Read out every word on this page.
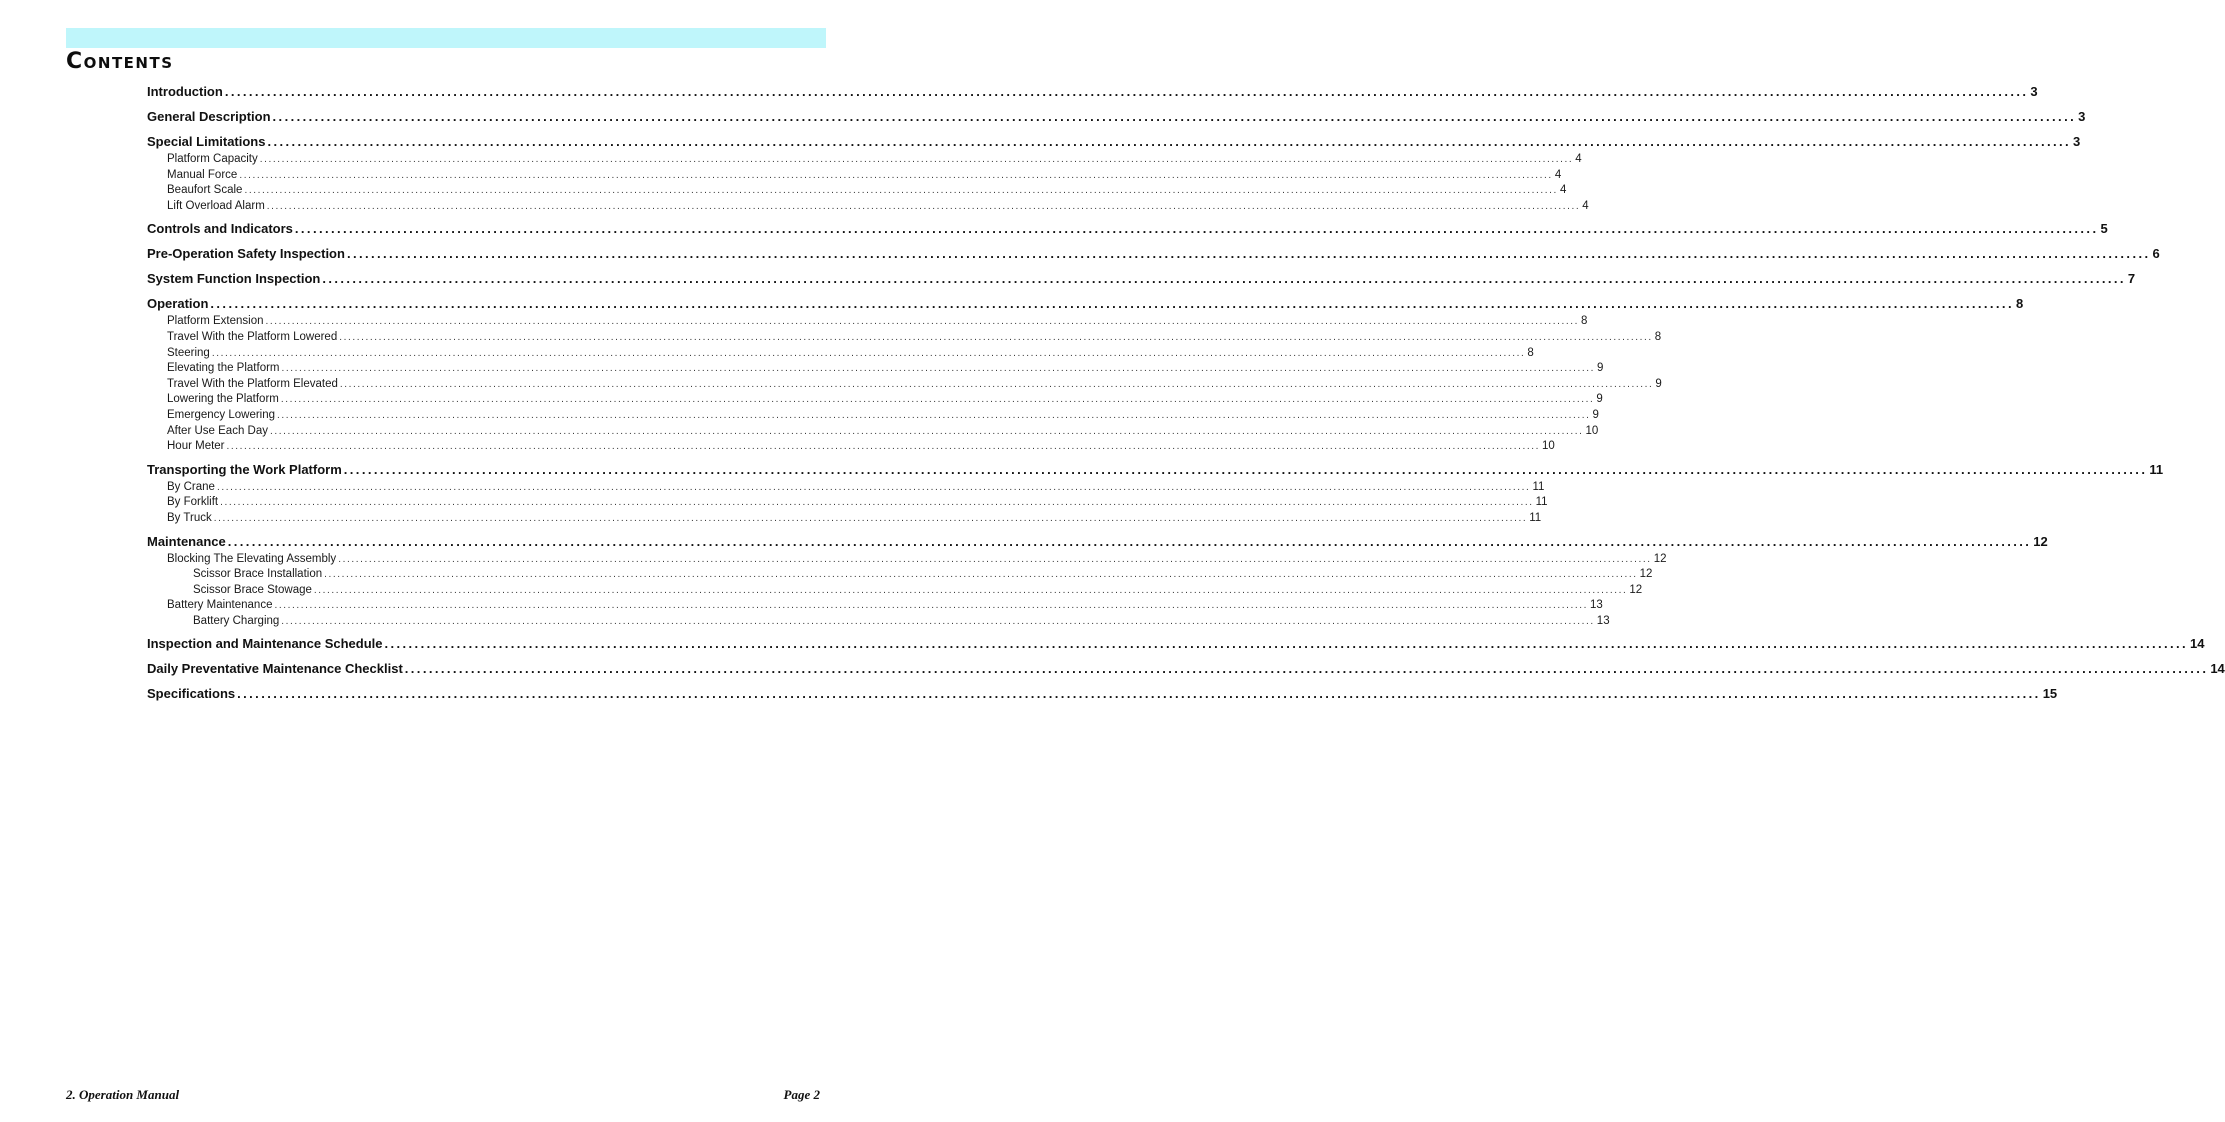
Contents
Introduction ............................................................................................................................................................................................................................................................................................................ 3
General Description ............................................................................................................................................................................................................................................................................................................ 3
Special Limitations ............................................................................................................................................................................................................................................................................................................ 3
Platform Capacity ............................................................................................................................................................................................................................................................................................................ 4
Manual Force ............................................................................................................................................................................................................................................................................................................ 4
Beaufort Scale ............................................................................................................................................................................................................................................................................................................ 4
Lift Overload Alarm ............................................................................................................................................................................................................................................................................................................ 4
Controls and Indicators ............................................................................................................................................................................................................................................................................................................ 5
Pre-Operation Safety Inspection ............................................................................................................................................................................................................................................................................................................ 6
System Function Inspection ............................................................................................................................................................................................................................................................................................................ 7
Operation ............................................................................................................................................................................................................................................................................................................ 8
Platform Extension ............................................................................................................................................................................................................................................................................................................ 8
Travel With the Platform Lowered ............................................................................................................................................................................................................................................................................................................ 8
Steering ............................................................................................................................................................................................................................................................................................................ 8
Elevating the Platform ............................................................................................................................................................................................................................................................................................................ 9
Travel With the Platform Elevated ............................................................................................................................................................................................................................................................................................................ 9
Lowering the Platform ............................................................................................................................................................................................................................................................................................................ 9
Emergency Lowering ............................................................................................................................................................................................................................................................................................................ 9
After Use Each Day ............................................................................................................................................................................................................................................................................................................ 10
Hour Meter ............................................................................................................................................................................................................................................................................................................ 10
Transporting the Work Platform ............................................................................................................................................................................................................................................................................................................ 11
By Crane ............................................................................................................................................................................................................................................................................................................ 11
By Forklift ............................................................................................................................................................................................................................................................................................................ 11
By Truck ............................................................................................................................................................................................................................................................................................................ 11
Maintenance ............................................................................................................................................................................................................................................................................................................ 12
Blocking The Elevating Assembly ............................................................................................................................................................................................................................................................................................................ 12
Scissor Brace Installation ............................................................................................................................................................................................................................................................................................................ 12
Scissor Brace Stowage ............................................................................................................................................................................................................................................................................................................ 12
Battery Maintenance ............................................................................................................................................................................................................................................................................................................ 13
Battery Charging ............................................................................................................................................................................................................................................................................................................ 13
Inspection and Maintenance Schedule ............................................................................................................................................................................................................................................................................................................ 14
Daily Preventative Maintenance Checklist ............................................................................................................................................................................................................................................................................................................ 14
Specifications ............................................................................................................................................................................................................................................................................................................ 15
2. Operation Manual	Page 2
